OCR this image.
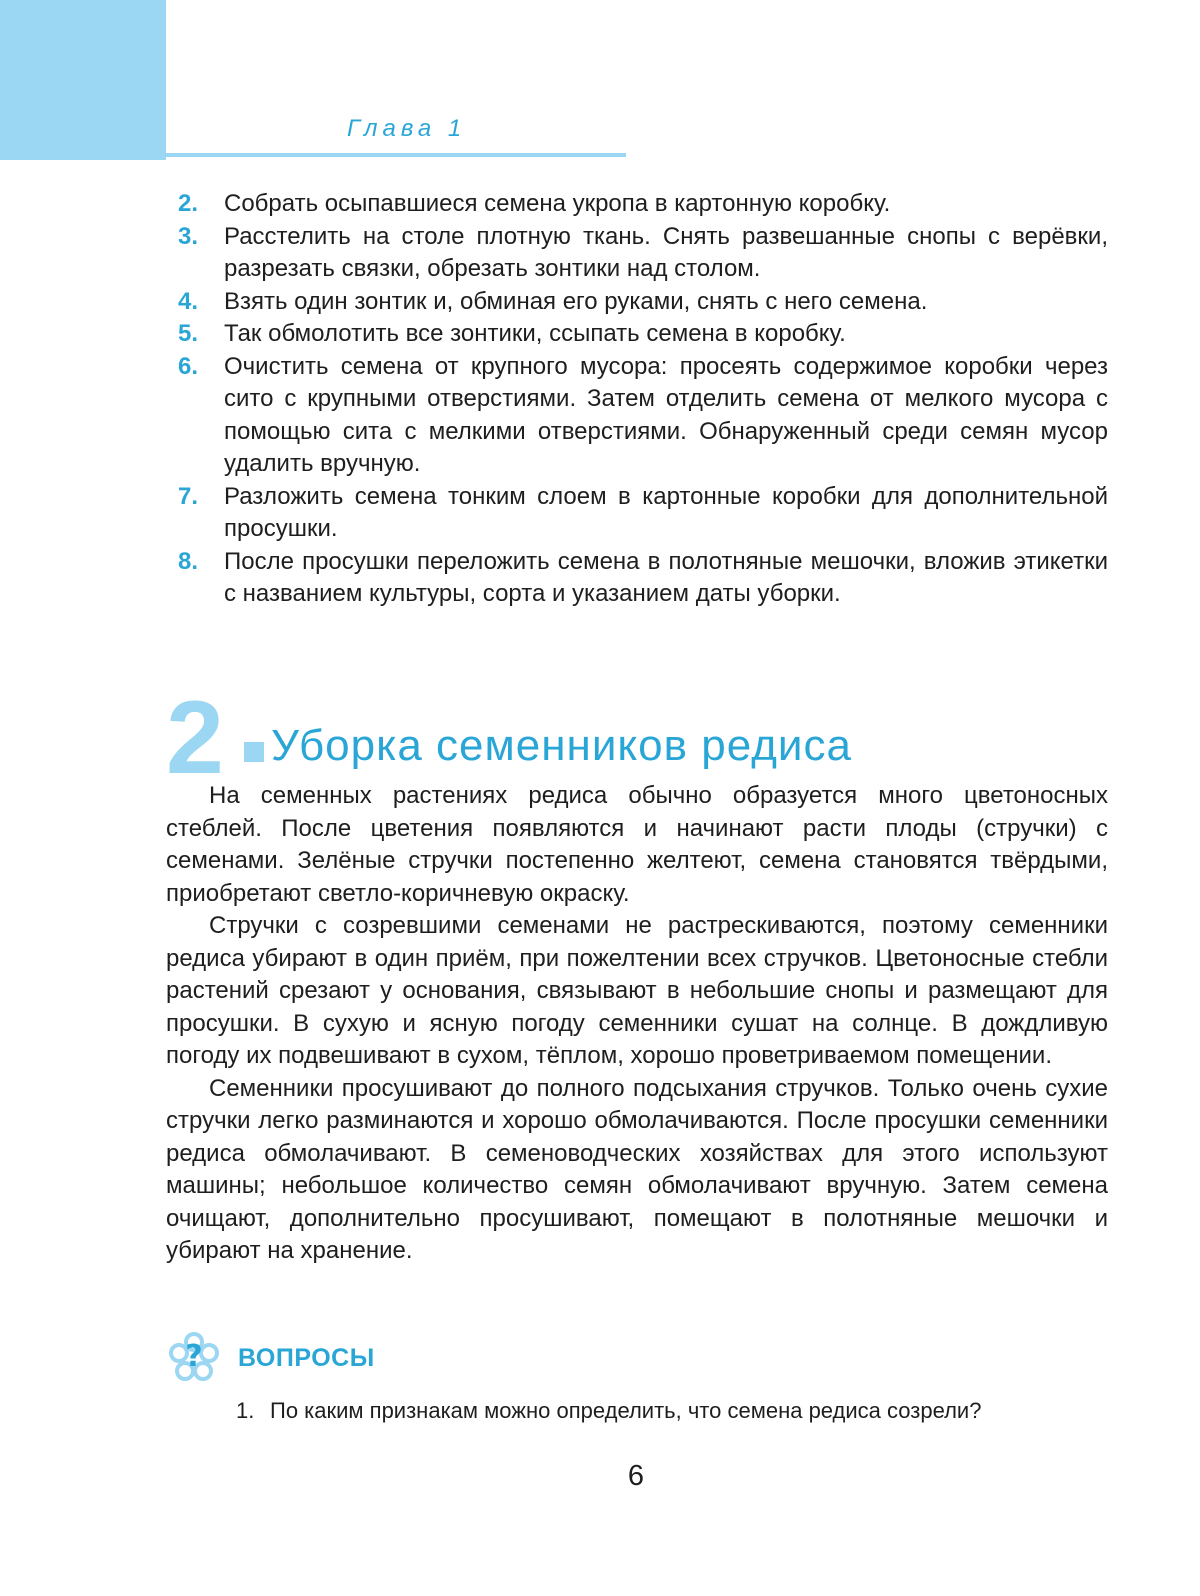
Глава 1
2. Собрать осыпавшиеся семена укропа в картонную коробку.
3. Расстелить на столе плотную ткань. Снять развешанные снопы с верёвки, разрезать связки, обрезать зонтики над столом.
4. Взять один зонтик и, обминая его руками, снять с него семена.
5. Так обмолотить все зонтики, ссыпать семена в коробку.
6. Очистить семена от крупного мусора: просеять содержимое коробки через сито с крупными отверстиями. Затем отделить семена от мелкого мусора с помощью сита с мелкими отверстиями. Обнаруженный среди семян мусор удалить вручную.
7. Разложить семена тонким слоем в картонные коробки для дополнительной просушки.
8. После просушки переложить семена в полотняные мешочки, вложив этикетки с названием культуры, сорта и указанием даты уборки.
2 Уборка семенников редиса

На семенных растениях редиса обычно образуется много цветоносных стеблей. После цветения появляются и начинают расти плоды (стручки) с семенами. Зелёные стручки постепенно желтеют, семена становятся твёрдыми, приобретают светло-коричневую окраску.

Стручки с созревшими семенами не растрескиваются, поэтому семенники редиса убирают в один приём, при пожелтении всех стручков. Цветоносные стебли растений срезают у основания, связывают в небольшие снопы и размещают для просушки. В сухую и ясную погоду семенники сушат на солнце. В дождливую погоду их подвешивают в сухом, тёплом, хорошо проветриваемом помещении.

Семенники просушивают до полного подсыхания стручков. Только очень сухие стручки легко разминаются и хорошо обмолачиваются. После просушки семенники редиса обмолачивают. В семеноводческих хозяйствах для этого используют машины; небольшое количество семян обмолачивают вручную. Затем семена очищают, дополнительно просушивают, помещают в полотняные мешочки и убирают на хранение.

? ВОПРОСЫ
1. По каким признакам можно определить, что семена редиса созрели?
6
